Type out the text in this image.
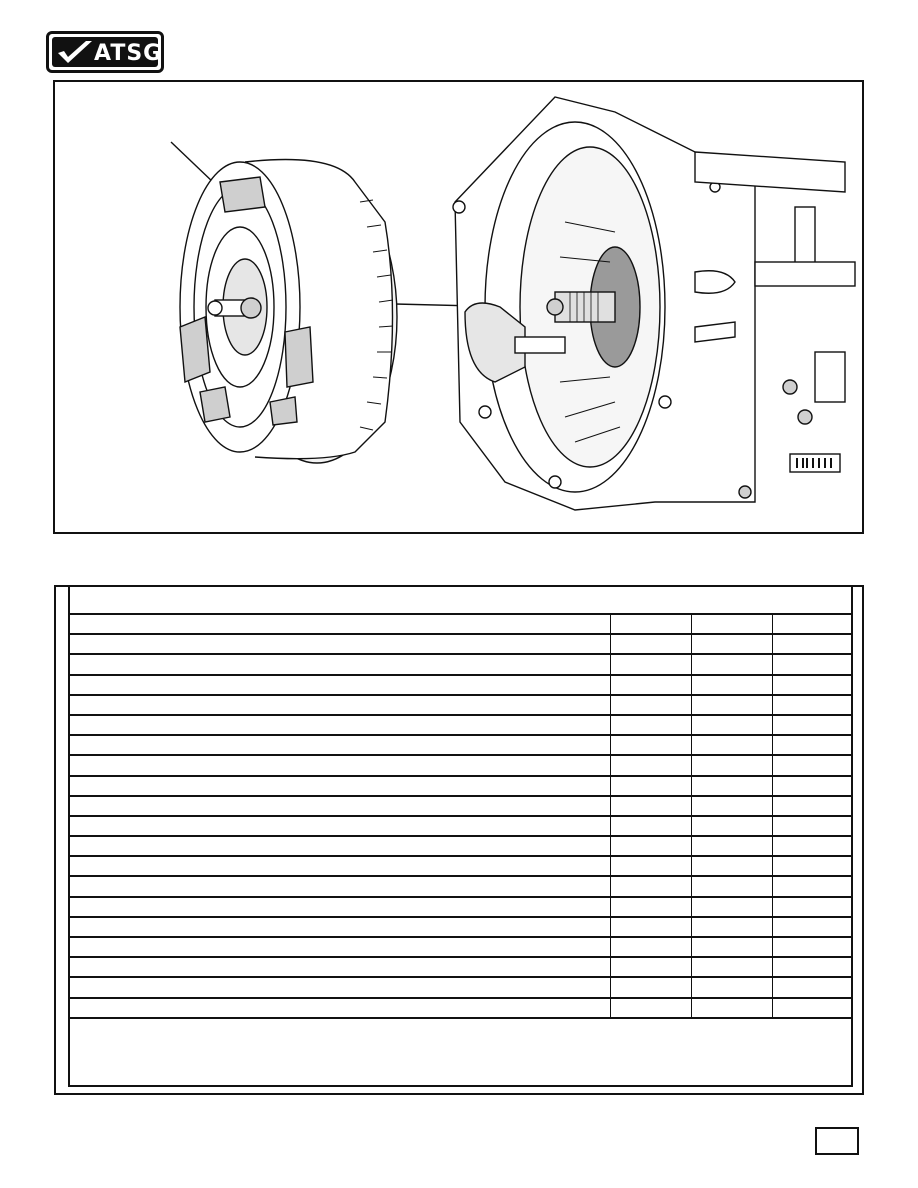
ATSG
